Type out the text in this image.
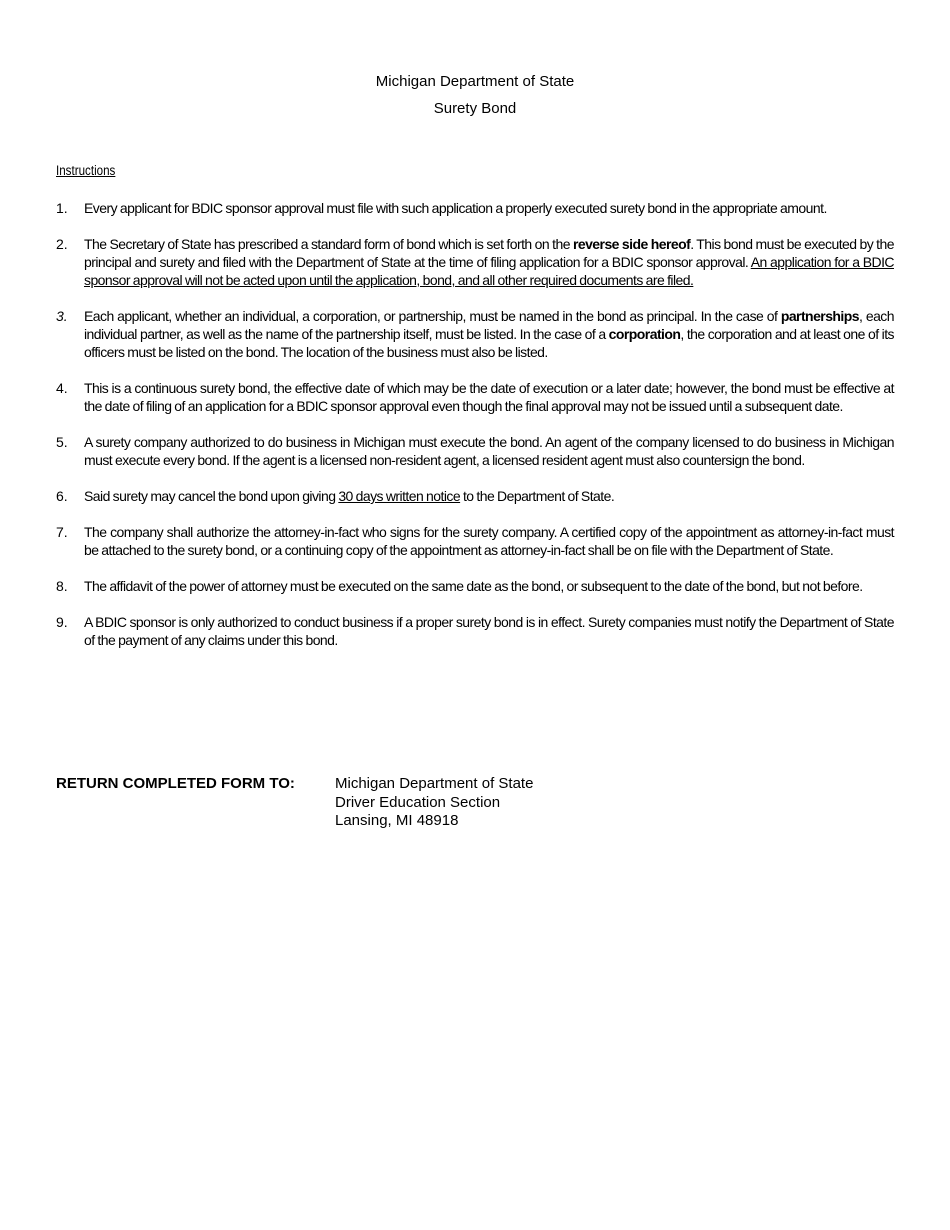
Michigan Department of State
Surety Bond
Instructions
1. Every applicant for BDIC sponsor approval must file with such application a properly executed surety bond in the appropriate amount.
2. The Secretary of State has prescribed a standard form of bond which is set forth on the reverse side hereof. This bond must be executed by the principal and surety and filed with the Department of State at the time of filing application for a BDIC sponsor approval. An application for a BDIC sponsor approval will not be acted upon until the application, bond, and all other required documents are filed.
3. Each applicant, whether an individual, a corporation, or partnership, must be named in the bond as principal. In the case of partnerships, each individual partner, as well as the name of the partnership itself, must be listed. In the case of a corporation, the corporation and at least one of its officers must be listed on the bond. The location of the business must also be listed.
4. This is a continuous surety bond, the effective date of which may be the date of execution or a later date; however, the bond must be effective at the date of filing of an application for a BDIC sponsor approval even though the final approval may not be issued until a subsequent date.
5. A surety company authorized to do business in Michigan must execute the bond. An agent of the company licensed to do business in Michigan must execute every bond. If the agent is a licensed non-resident agent, a licensed resident agent must also countersign the bond.
6. Said surety may cancel the bond upon giving 30 days written notice to the Department of State.
7. The company shall authorize the attorney-in-fact who signs for the surety company. A certified copy of the appointment as attorney-in-fact must be attached to the surety bond, or a continuing copy of the appointment as attorney-in-fact shall be on file with the Department of State.
8. The affidavit of the power of attorney must be executed on the same date as the bond, or subsequent to the date of the bond, but not before.
9. A BDIC sponsor is only authorized to conduct business if a proper surety bond is in effect. Surety companies must notify the Department of State of the payment of any claims under this bond.
RETURN COMPLETED FORM TO:	Michigan Department of State
Driver Education Section
Lansing, MI 48918
